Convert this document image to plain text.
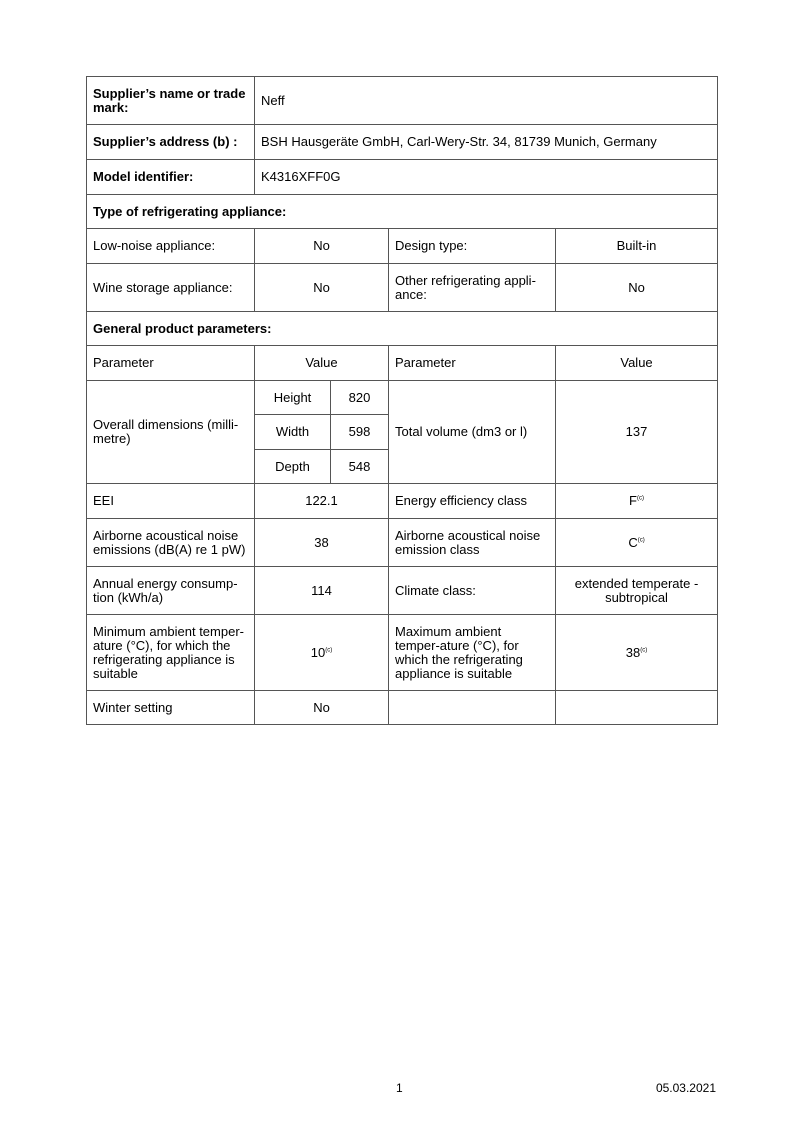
Supplier’s name or trade mark:	Neff			
Supplier’s address (b) :	BSH Hausgeräte GmbH, Carl-Wery-Str. 34, 81739 Munich, Germany			
Model identifier:	K4316XFF0G			
Type of refrigerating appliance:				
Low-noise appliance:	No		Design type:	Built-in
Wine storage appliance:	No		Other refrigerating appli-ance:	No
General product parameters:				
Parameter	Value		Parameter	Value
Overall dimensions (milli-metre)	Height	820	Total volume (dm3 or l)	137
	Width	598		
	Depth	548		
EEI	122.1		Energy efficiency class	F$^{(c)}$
Airborne acoustical noise emissions (dB(A) re 1 pW)	38		Airborne acoustical noise emission class	C$^{(c)}$
Annual energy consump-tion (kWh/a)	114		Climate class:	extended temperate - subtropical
Minimum ambient temper-ature (°C), for which the refrigerating appliance is suitable	10$^{(c)}$		Maximum ambient temper-ature (°C), for which the refrigerating appliance is suitable	38$^{(c)}$
Winter setting	No			
1	05.03.2021
